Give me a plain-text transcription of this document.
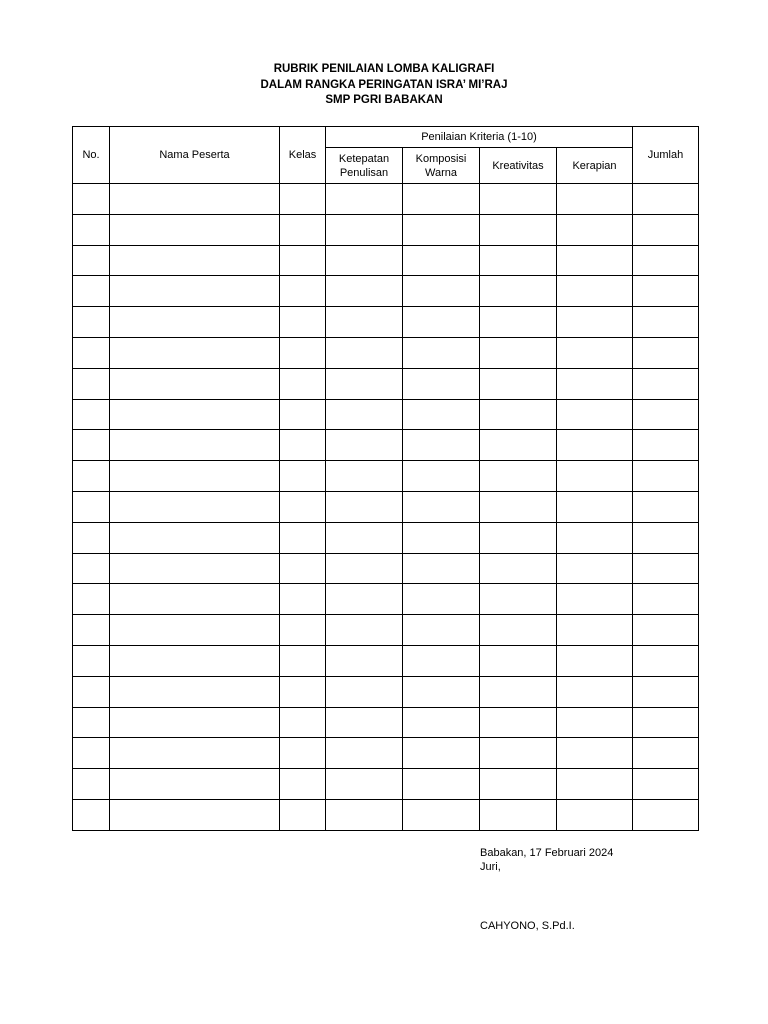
RUBRIK PENILAIAN LOMBA KALIGRAFI
DALAM RANGKA PERINGATAN ISRA’ MI’RAJ
SMP PGRI BABAKAN
No.	Nama Peserta	Kelas	Penilaian Kriteria (1-10)				Jumlah
			Ketepatan Penulisan	Komposisi Warna	Kreativitas	Kerapian	

Babakan, 17 Februari 2024
Juri,
CAHYONO, S.Pd.I.
